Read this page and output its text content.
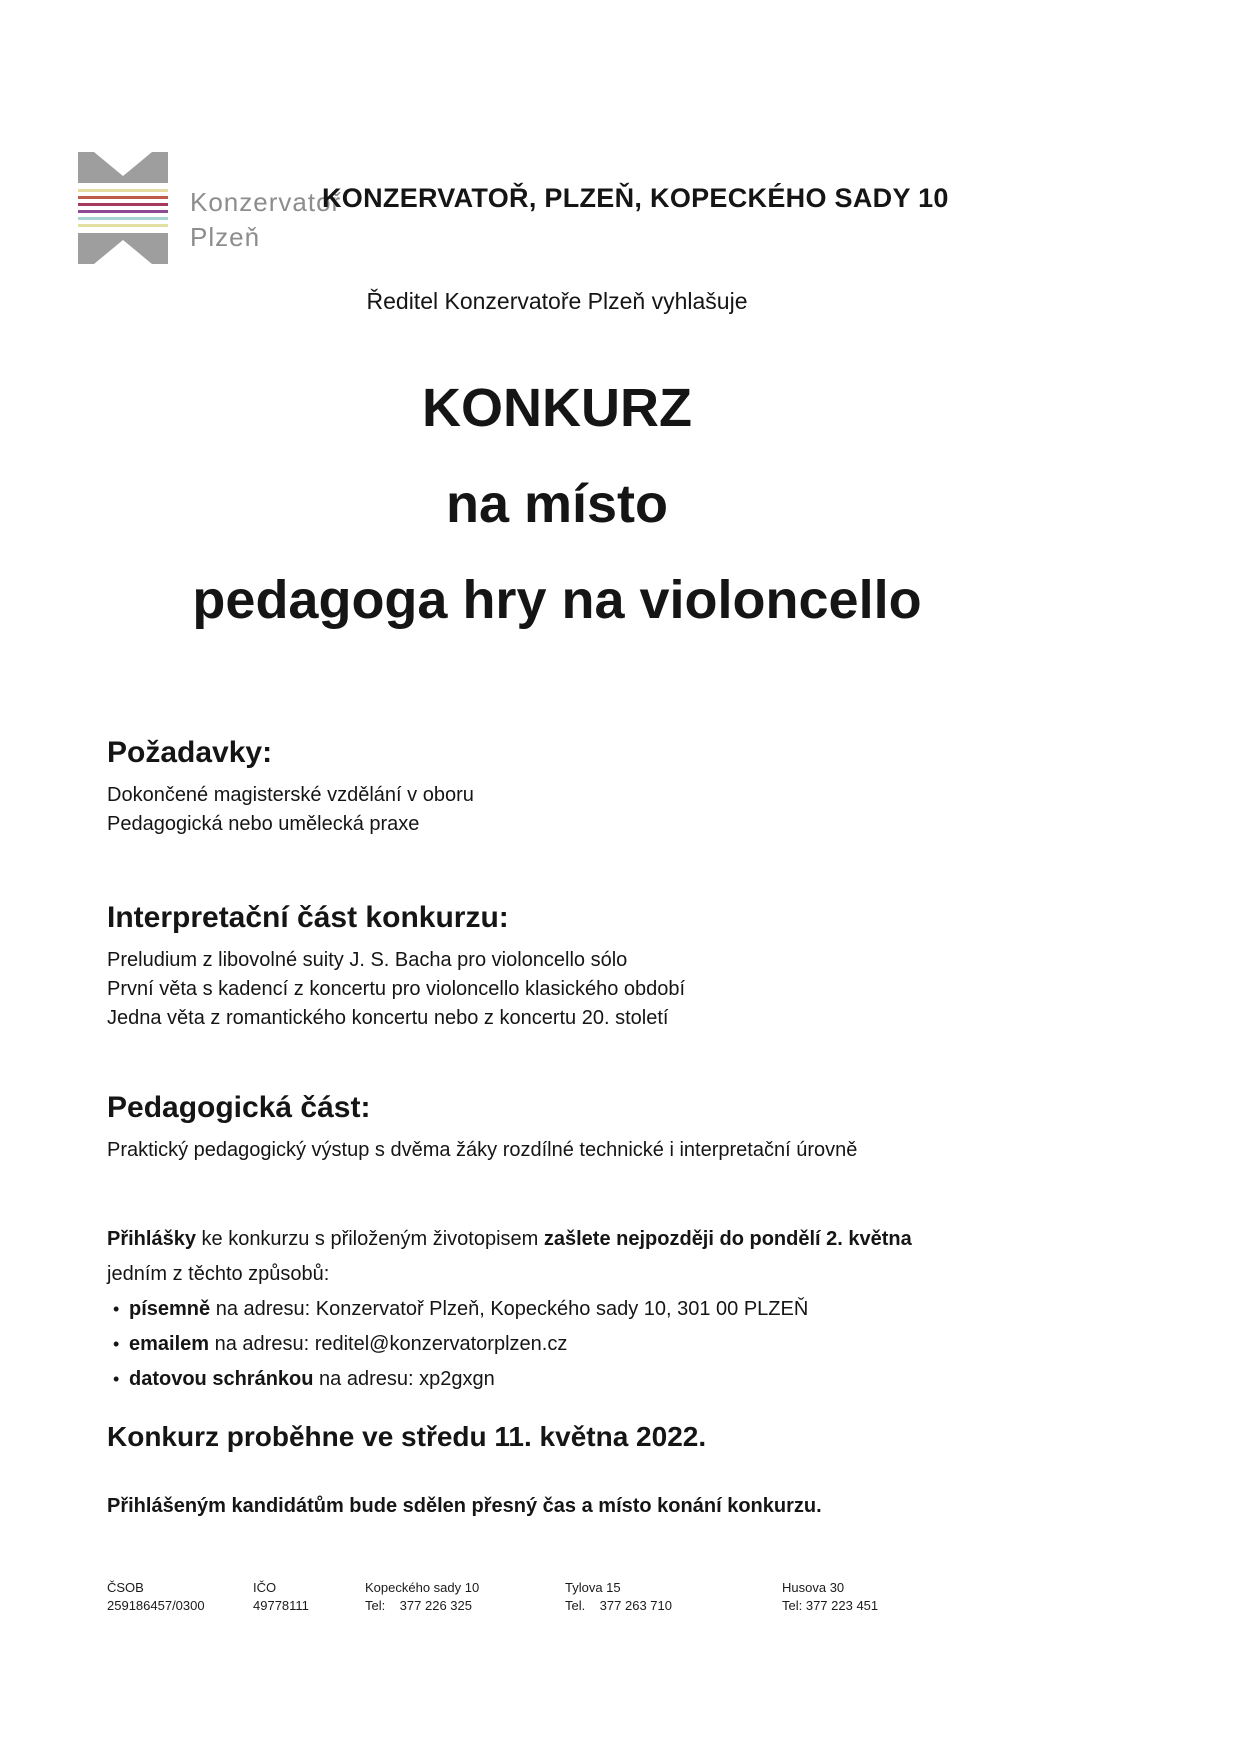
Konzervatoř
Plzeň
KONZERVATOŘ, PLZEŇ, KOPECKÉHO SADY 10
Ředitel Konzervatoře Plzeň vyhlašuje
KONKURZ
na místo
pedagoga hry na violoncello
Požadavky:
Dokončené magisterské vzdělání v oboru
Pedagogická nebo umělecká praxe
Interpretační část konkurzu:
Preludium z libovolné suity J. S. Bacha pro violoncello sólo
První věta s kadencí z koncertu pro violoncello klasického období
Jedna věta z romantického koncertu nebo z koncertu 20. století
Pedagogická část:
Praktický pedagogický výstup s dvěma žáky rozdílné technické i interpretační úrovně
Přihlášky ke konkurzu s přiloženým životopisem zašlete nejpozději do pondělí 2. května
jedním z těchto způsobů:
• písemně na adresu: Konzervatoř Plzeň, Kopeckého sady 10, 301 00 PLZEŇ
• emailem na adresu: reditel@konzervatorplzen.cz
• datovou schránkou na adresu: xp2gxgn
Konkurz proběhne ve středu 11. května 2022.
Přihlášeným kandidátům bude sdělen přesný čas a místo konání konkurzu.
ČSOB
259186457/0300
IČO
49778111
Kopeckého sady 10
Tel:    377 226 325
Tylova 15
Tel.    377 263 710
Husova 30
Tel: 377 223 451
